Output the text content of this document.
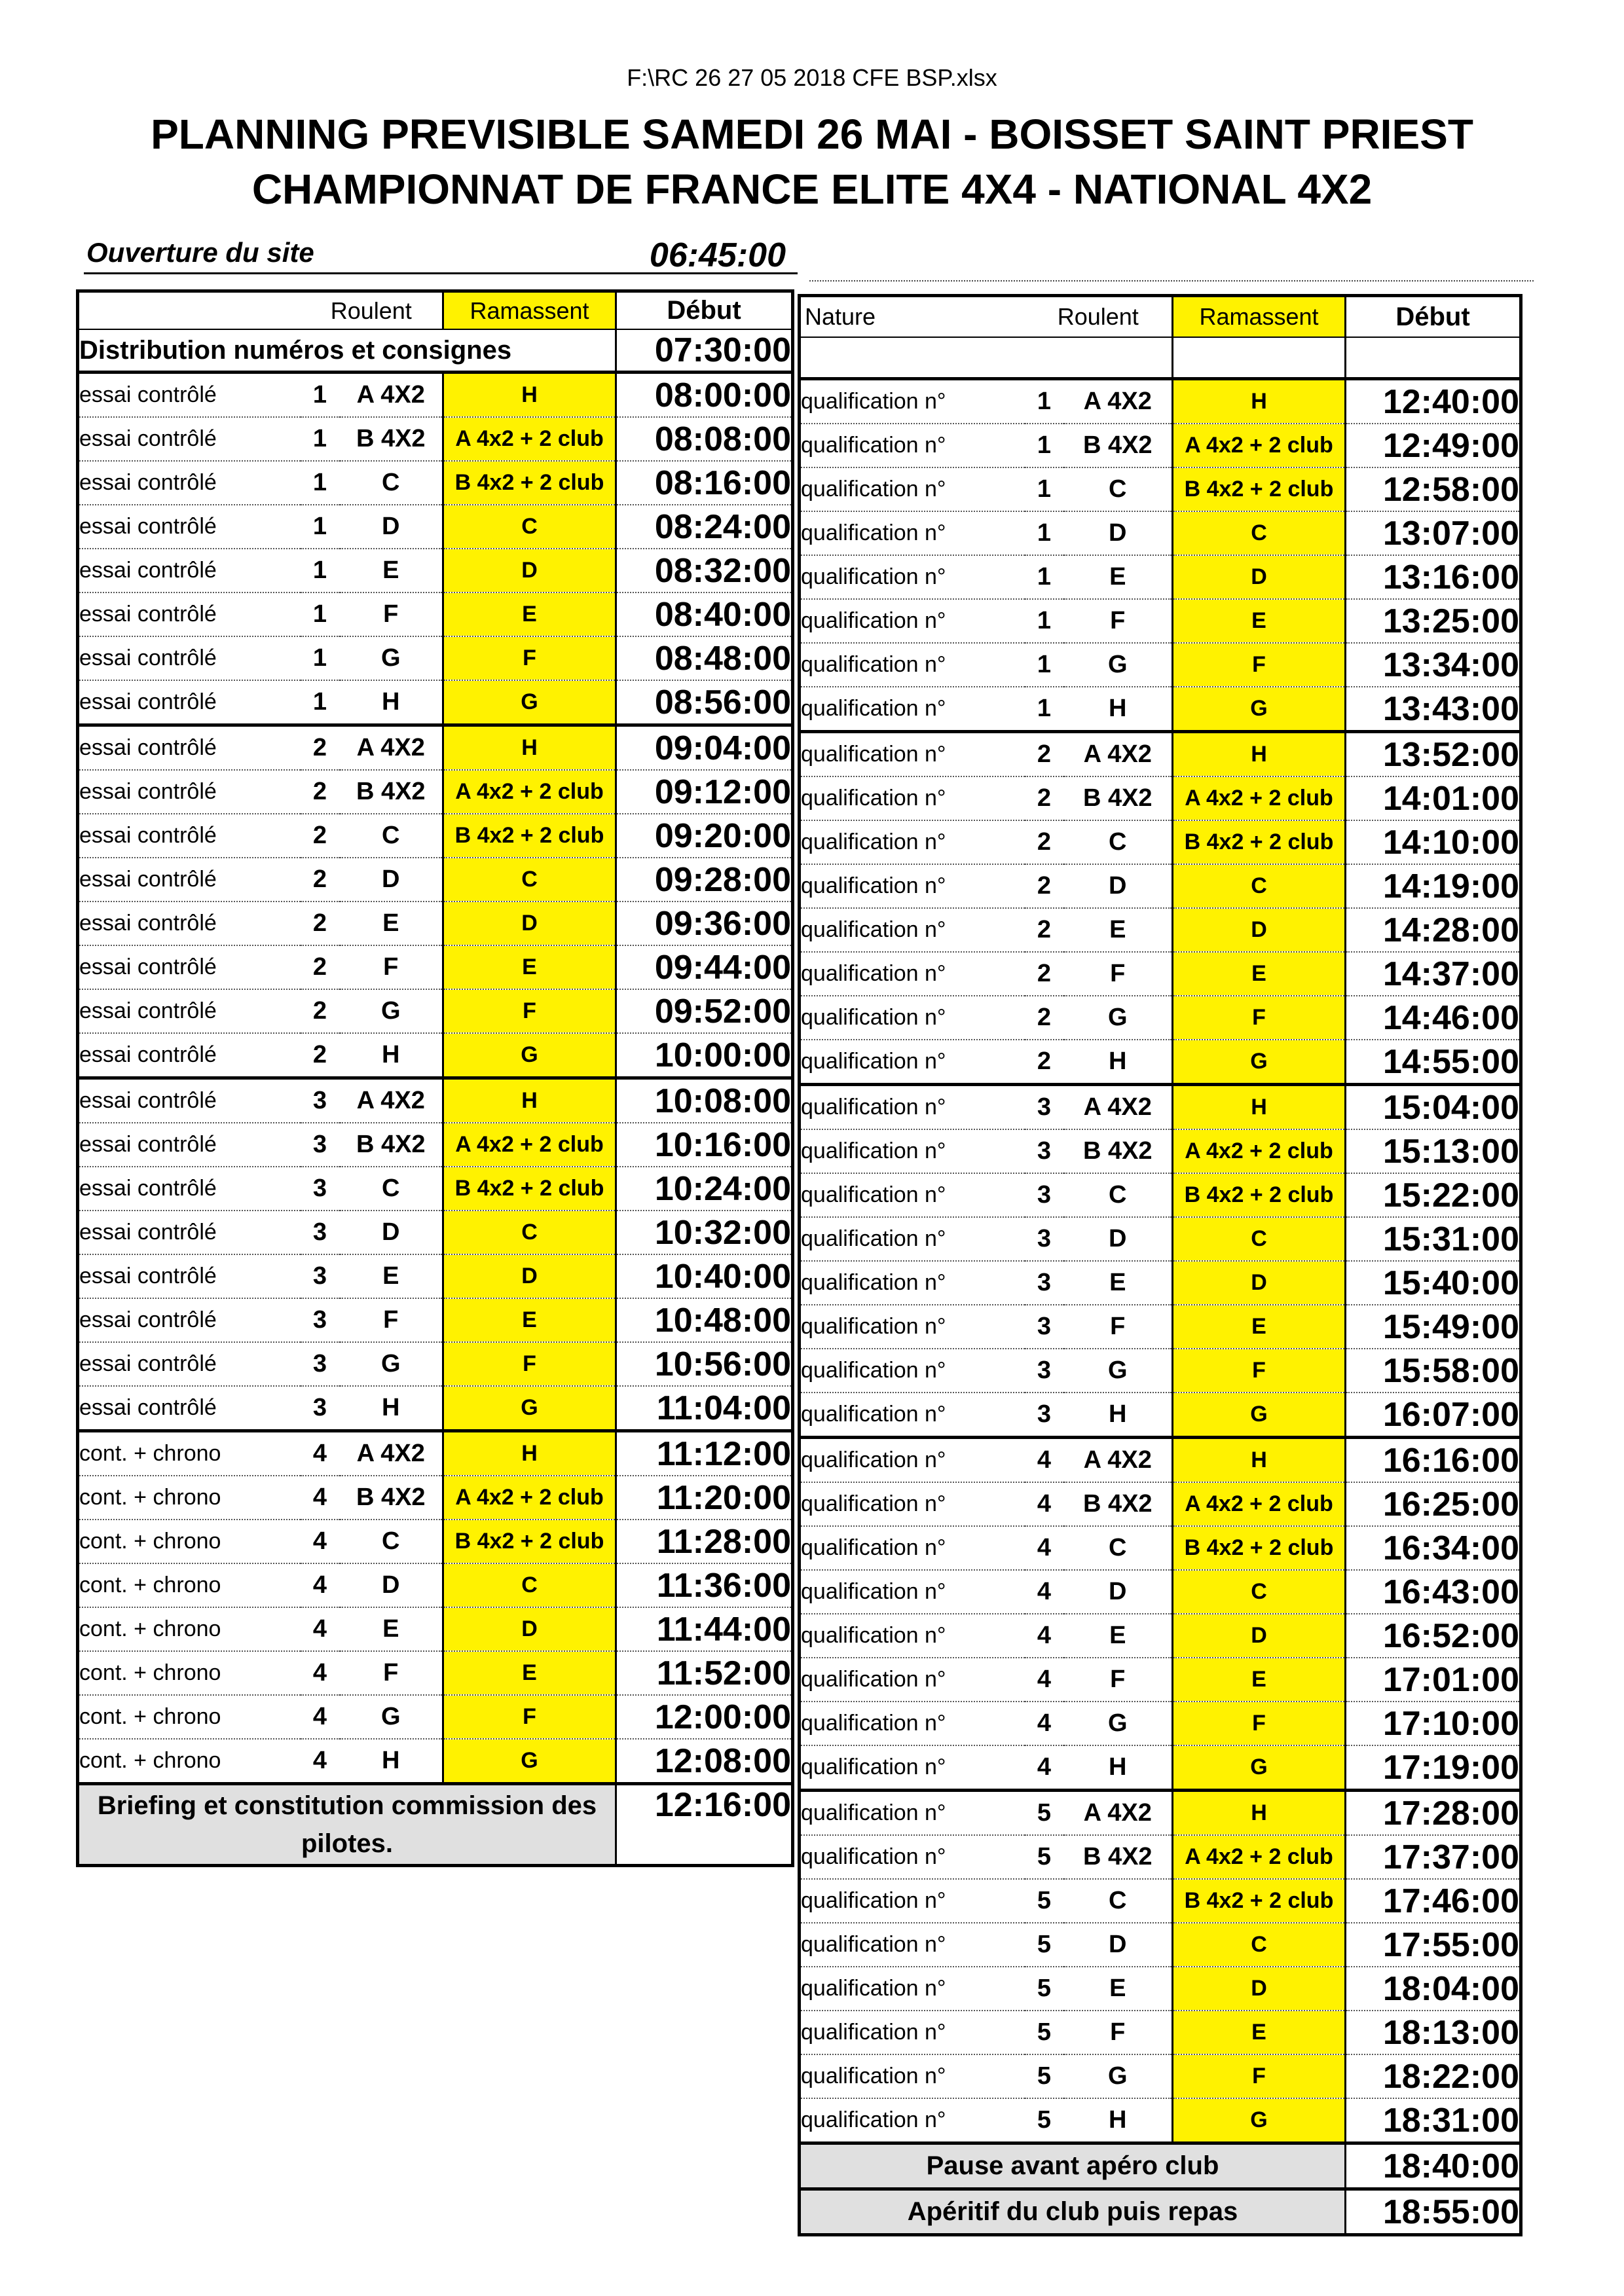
F:\RC 26 27 05 2018 CFE BSP.xlsx
PLANNING PREVISIBLE SAMEDI 26 MAI - BOISSET SAINT PRIEST
CHAMPIONNAT DE FRANCE ELITE 4X4 - NATIONAL 4X2
Ouverture du site	06:45:00
	Roulent		Ramassent	Début
Distribution numéros et consignes				07:30:00
essai contrôlé	1	A 4X2	H	08:00:00
essai contrôlé	1	B 4X2	A 4x2 + 2 club	08:08:00
essai contrôlé	1	C	B 4x2 + 2 club	08:16:00
essai contrôlé	1	D	C	08:24:00
essai contrôlé	1	E	D	08:32:00
essai contrôlé	1	F	E	08:40:00
essai contrôlé	1	G	F	08:48:00
essai contrôlé	1	H	G	08:56:00
essai contrôlé	2	A 4X2	H	09:04:00
essai contrôlé	2	B 4X2	A 4x2 + 2 club	09:12:00
essai contrôlé	2	C	B 4x2 + 2 club	09:20:00
essai contrôlé	2	D	C	09:28:00
essai contrôlé	2	E	D	09:36:00
essai contrôlé	2	F	E	09:44:00
essai contrôlé	2	G	F	09:52:00
essai contrôlé	2	H	G	10:00:00
essai contrôlé	3	A 4X2	H	10:08:00
essai contrôlé	3	B 4X2	A 4x2 + 2 club	10:16:00
essai contrôlé	3	C	B 4x2 + 2 club	10:24:00
essai contrôlé	3	D	C	10:32:00
essai contrôlé	3	E	D	10:40:00
essai contrôlé	3	F	E	10:48:00
essai contrôlé	3	G	F	10:56:00
essai contrôlé	3	H	G	11:04:00
cont. + chrono	4	A 4X2	H	11:12:00
cont. + chrono	4	B 4X2	A 4x2 + 2 club	11:20:00
cont. + chrono	4	C	B 4x2 + 2 club	11:28:00
cont. + chrono	4	D	C	11:36:00
cont. + chrono	4	E	D	11:44:00
cont. + chrono	4	F	E	11:52:00
cont. + chrono	4	G	F	12:00:00
cont. + chrono	4	H	G	12:08:00
Briefing et constitution commission des pilotes.				12:16:00
Nature	Roulent		Ramassent	Début

qualification n°	1	A 4X2	H	12:40:00
qualification n°	1	B 4X2	A 4x2 + 2 club	12:49:00
qualification n°	1	C	B 4x2 + 2 club	12:58:00
qualification n°	1	D	C	13:07:00
qualification n°	1	E	D	13:16:00
qualification n°	1	F	E	13:25:00
qualification n°	1	G	F	13:34:00
qualification n°	1	H	G	13:43:00
qualification n°	2	A 4X2	H	13:52:00
qualification n°	2	B 4X2	A 4x2 + 2 club	14:01:00
qualification n°	2	C	B 4x2 + 2 club	14:10:00
qualification n°	2	D	C	14:19:00
qualification n°	2	E	D	14:28:00
qualification n°	2	F	E	14:37:00
qualification n°	2	G	F	14:46:00
qualification n°	2	H	G	14:55:00
qualification n°	3	A 4X2	H	15:04:00
qualification n°	3	B 4X2	A 4x2 + 2 club	15:13:00
qualification n°	3	C	B 4x2 + 2 club	15:22:00
qualification n°	3	D	C	15:31:00
qualification n°	3	E	D	15:40:00
qualification n°	3	F	E	15:49:00
qualification n°	3	G	F	15:58:00
qualification n°	3	H	G	16:07:00
qualification n°	4	A 4X2	H	16:16:00
qualification n°	4	B 4X2	A 4x2 + 2 club	16:25:00
qualification n°	4	C	B 4x2 + 2 club	16:34:00
qualification n°	4	D	C	16:43:00
qualification n°	4	E	D	16:52:00
qualification n°	4	F	E	17:01:00
qualification n°	4	G	F	17:10:00
qualification n°	4	H	G	17:19:00
qualification n°	5	A 4X2	H	17:28:00
qualification n°	5	B 4X2	A 4x2 + 2 club	17:37:00
qualification n°	5	C	B 4x2 + 2 club	17:46:00
qualification n°	5	D	C	17:55:00
qualification n°	5	E	D	18:04:00
qualification n°	5	F	E	18:13:00
qualification n°	5	G	F	18:22:00
qualification n°	5	H	G	18:31:00
Pause avant apéro club				18:40:00
Apéritif du club puis repas				18:55:00
